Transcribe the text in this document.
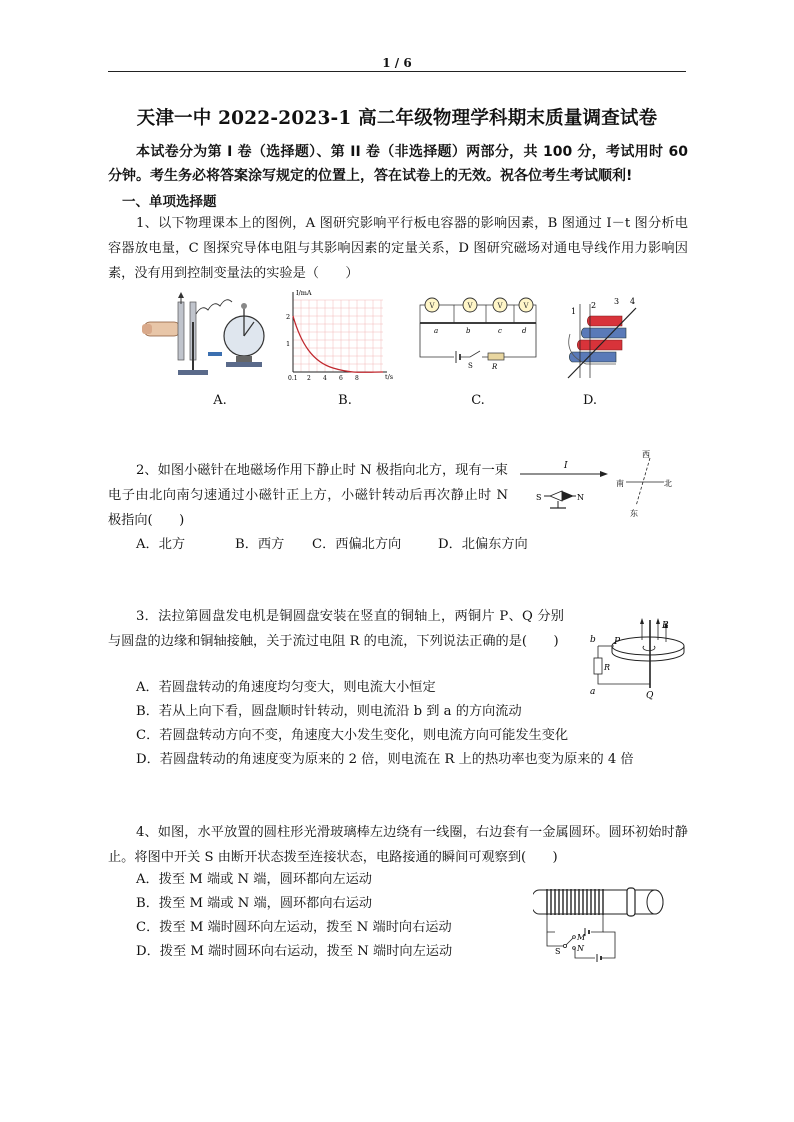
1 / 6
天津一中 2022-2023-1 高二年级物理学科期末质量调查试卷
本试卷分为第 I 卷（选择题）、第 II 卷（非选择题）两部分，共 100 分，考试用时 60 分钟。考生务必将答案涂写规定的位置上，答在试卷上的无效。祝各位考生考试顺利!
一、单项选择题
1、以下物理课本上的图例，A 图研究影响平行板电容器的影响因素，B 图通过 I－t 图分析电容器放电量，C 图探究导体电阻与其影响因素的定量关系，D 图研究磁场对通电导线作用力影响因素，没有用到控制变量法的实验是（　　）
I/mA
t/s
2
1
0.1 2 4 6 8
V	V	V	V
a	b	c	d
S	R
1
2 3 4
A.	B.	C.	D.
2、如图小磁针在地磁场作用下静止时 N 极指向北方，现有一束电子由北向南匀速通过小磁针正上方，小磁针转动后再次静止时 N 极指向(　　)
I
S	N
西
南	北
东
A．北方	B．西方 C．西偏北方向	D．北偏东方向
3．法拉第圆盘发电机是铜圆盘安装在竖直的铜轴上，两铜片 P、Q 分别与圆盘的边缘和铜轴接触，关于流过电阻 R 的电流，下列说法正确的是(　　)
B
P
b
R
a	Q
A．若圆盘转动的角速度均匀变大，则电流大小恒定
B．若从上向下看，圆盘顺时针转动，则电流沿 b 到 a 的方向流动
C．若圆盘转动方向不变，角速度大小发生变化，则电流方向可能发生变化
D．若圆盘转动的角速度变为原来的 2 倍，则电流在 R 上的热功率也变为原来的 4 倍
4、如图，水平放置的圆柱形光滑玻璃棒左边绕有一线圈，右边套有一金属圆环。圆环初始时静止。将图中开关 S 由断开状态拨至连接状态，电路接通的瞬间可观察到(　　)
A．拨至 M 端或 N 端，圆环都向左运动
B．拨至 M 端或 N 端，圆环都向右运动
C．拨至 M 端时圆环向左运动，拨至 N 端时向右运动
D．拨至 M 端时圆环向右运动，拨至 N 端时向左运动
M
N
S
